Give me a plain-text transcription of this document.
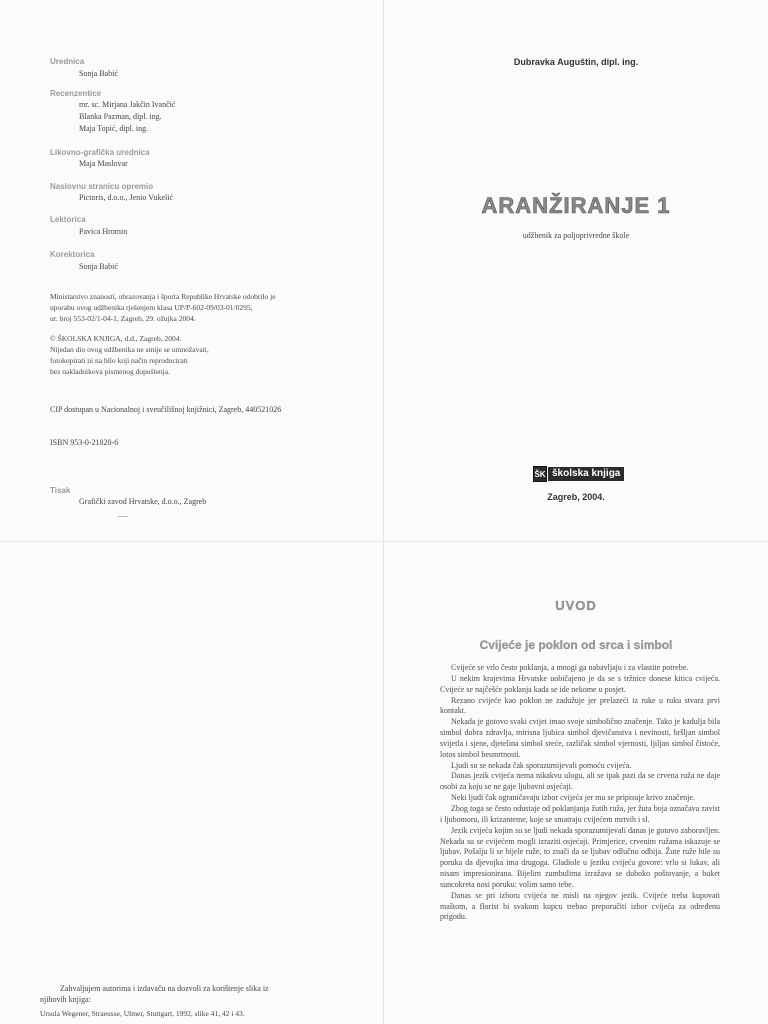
Urednica
Sonja Babić
Recenzentice
mr. sc. Mirjana Jakčin Ivančić
Blanka Pazman, dipl. ing.
Maja Topić, dipl. ing.
Likovno-grafička urednica
Maja Maslovar
Naslovnu stranicu opremio
Pictoris, d.o.o., Jenio Vukelić
Lektorica
Pavica Hromin
Korektorica
Sonja Babić
Ministarstvo znanosti, obrazovanja i športa Republike Hrvatske odobrilo je
uporabu ovog udžbenika rješenjem klasa UP/P-602-09/03-01/0295,
ur. broj 553-02/1-04-1, Zagreb, 29. ožujka 2004.
© ŠKOLSKA KNJIGA, d.d., Zagreb, 2004.
Nijedan dio ovog udžbenika ne smije se umnožavati,
fotokopirati ni na bilo koji način reproducirati
bez nakladnikova pismenog dopuštenja.
CIP dostupan u Nacionalnoj i sveučilišnoj knjižnici, Zagreb, 440521026
ISBN 953-0-21820-6
Tisak
Grafički zavod Hrvatske, d.o.o., Zagreb
Dubravka Auguštin, dipl. ing.
ARANŽIRANJE 1
udžbenik za poljoprivredne škole
ŠK školska knjiga
Zagreb, 2004.
Zahvaljujem autorima i izdavaču na dozvoli za korištenje slika iz
njihovih knjiga:
Ursula Wegener, Straeusse, Ulmer, Stuttgart, 1992, slike 41, 42 i 43.
UVOD
Cvijeće je poklon od srca i simbol

Cvijeće se vrlo često poklanja, a mnogi ga nabavljaju i za vlastite potrebe.

U nekim krajevima Hrvatske uobičajeno je da se s tržnice donese kitica cvijeća. Cvijeće se najčešće poklanja kada se ide nekome u posjet.

Rezano cvijeće kao poklon ne zadužuje jer prelazeći iz ruke u ruku stvara prvi kontakt.

Nekada je gotovo svaki cvijet imao svoje simbolično značenje. Tako je kadulja bila simbol dobra zdravlja, mirisna ljubica simbol djevičanstva i nevinosti, bršljan simbol svijetla i sjene, djetelina simbol sreće, različak simbol vjernosti, ljiljan simbol čistoće, lotos simbol besmrtnosti.

Ljudi su se nekada čak sporazumijevali pomoću cvijeća.

Danas jezik cvijeća nema nikakvu ulogu, ali se ipak pazi da se crvena ruža ne daje osobi za koju se ne gaje ljubavni osjećaji.

Neki ljudi čak ograničavaju izbor cvijeća jer mu se pripisuje krivo značenje.

Zbog toga se često odustaje od poklanjanja žutih ruža, jer žuta boja označava zavist i ljubomoru, ili krizanteme, koje se smatraju cvijećem mrtvih i sl.

Jezik cvijeća kojim su se ljudi nekada sporazumijevali danas je gotovo zaboravljen. Nekada su se cvijećem mogli izraziti osjećaji. Primjerice, crvenim ružama iskazuje se ljubav. Pošalju li se bijele ruže, to znači da se ljubav odlučno odbija. Žute ruže bile su poruka da djevojka ima drugoga. Gladiole u jeziku cvijeća govore: vrlo si lukav, ali nisam impresionirana. Bijelim zumbulima izražava se duboko poštovanje, a buket suncokreta nosi poruku: volim samo tebe.

Danas se pri izboru cvijeća ne misli na njegov jezik. Cvijeće treba kupovati maštom, a florist bi svakom kupcu trebao preporučiti izbor cvijeća za određenu prigodu.
